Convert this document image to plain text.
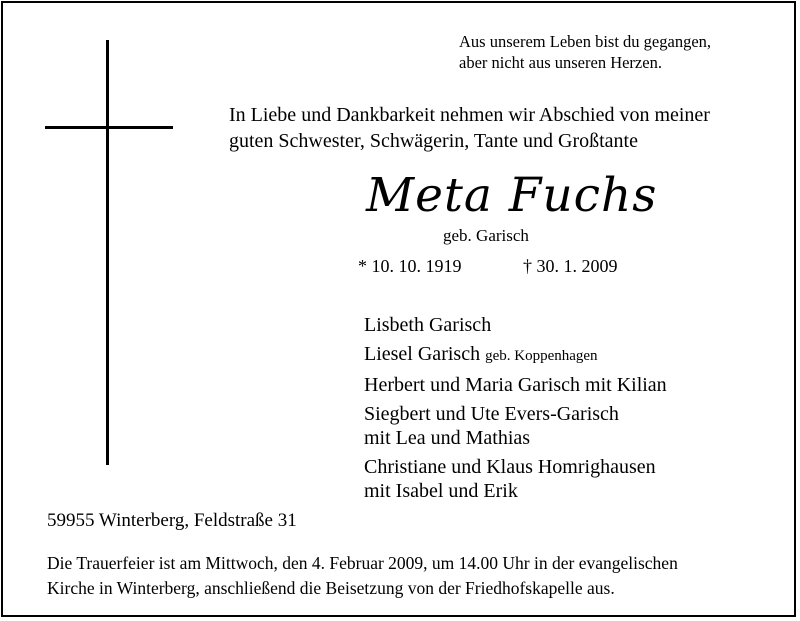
Aus unserem Leben bist du gegangen,
aber nicht aus unseren Herzen.
In Liebe und Dankbarkeit nehmen wir Abschied von meiner
guten Schwester, Schwägerin, Tante und Großtante
Meta Fuchs
geb. Garisch
* 10. 10. 1919	† 30. 1. 2009
Lisbeth Garisch
Liesel Garisch geb. Koppenhagen
Herbert und Maria Garisch mit Kilian
Siegbert und Ute Evers-Garisch
mit Lea und Mathias
Christiane und Klaus Homrighausen
mit Isabel und Erik
59955 Winterberg, Feldstraße 31
Die Trauerfeier ist am Mittwoch, den 4. Februar 2009, um 14.00 Uhr in der evangelischen
Kirche in Winterberg, anschließend die Beisetzung von der Friedhofskapelle aus.
